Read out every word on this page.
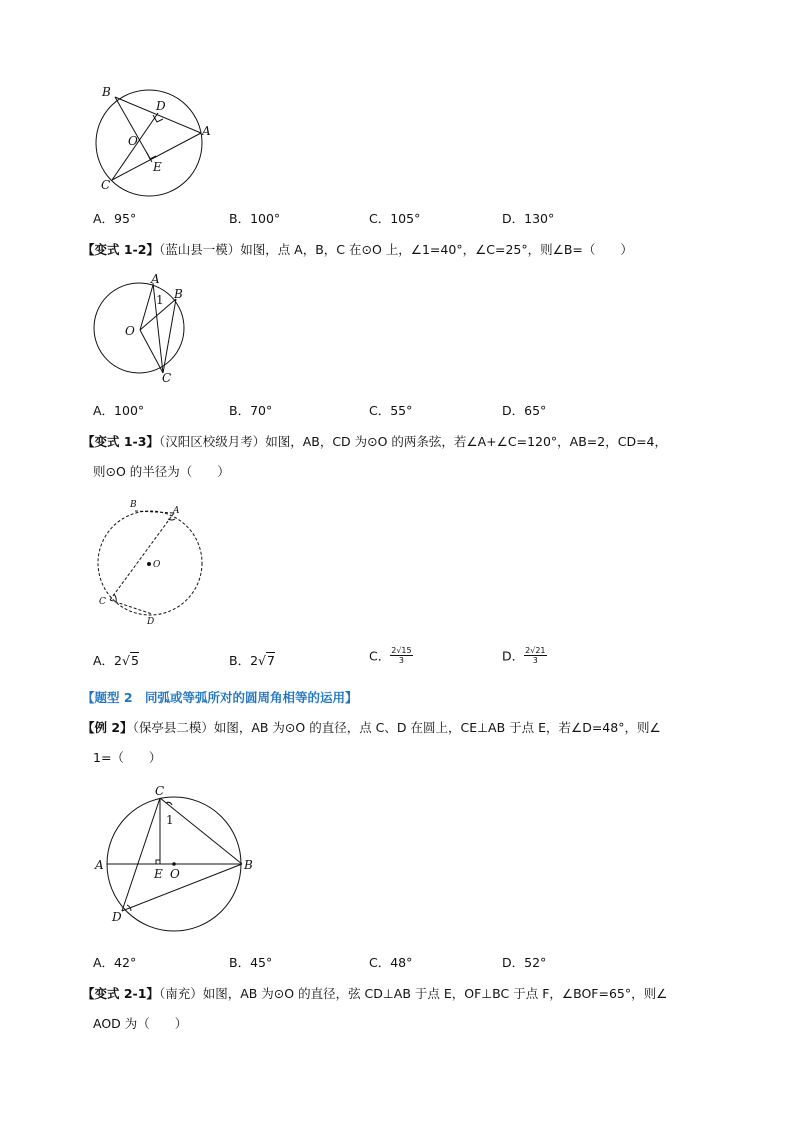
B
D
A
O
E
C
A．95°	B．100°	C．105°	D．130°
【变式 1-2】（蓝山县一模）如图，点 A，B，C 在⊙O 上，∠1=40°，∠C=25°，则∠B=（　　）
A
B
1
O
C
A．100°	B．70°	C．55°	D．65°
【变式 1-3】（汉阳区校级月考）如图，AB，CD 为⊙O 的两条弦，若∠A+∠C=120°，AB=2，CD=4，
则⊙O 的半径为（　　）
B
A
O
C
D
A．2√5	B．2√7	C． $\frac{2√15}{3}$	D． $\frac{2√21}{3}$
【题型 2　同弧或等弧所对的圆周角相等的运用】
【例 2】（保亭县二模）如图，AB 为⊙O 的直径，点 C、D 在圆上，CE⊥AB 于点 E，若∠D=48°，则∠
1=（　　）
C
1
A
E O
B
D
A．42°	B．45°	C．48°	D．52°
【变式 2-1】（南充）如图，AB 为⊙O 的直径，弦 CD⊥AB 于点 E，OF⊥BC 于点 F，∠BOF=65°，则∠
AOD 为（　　）
